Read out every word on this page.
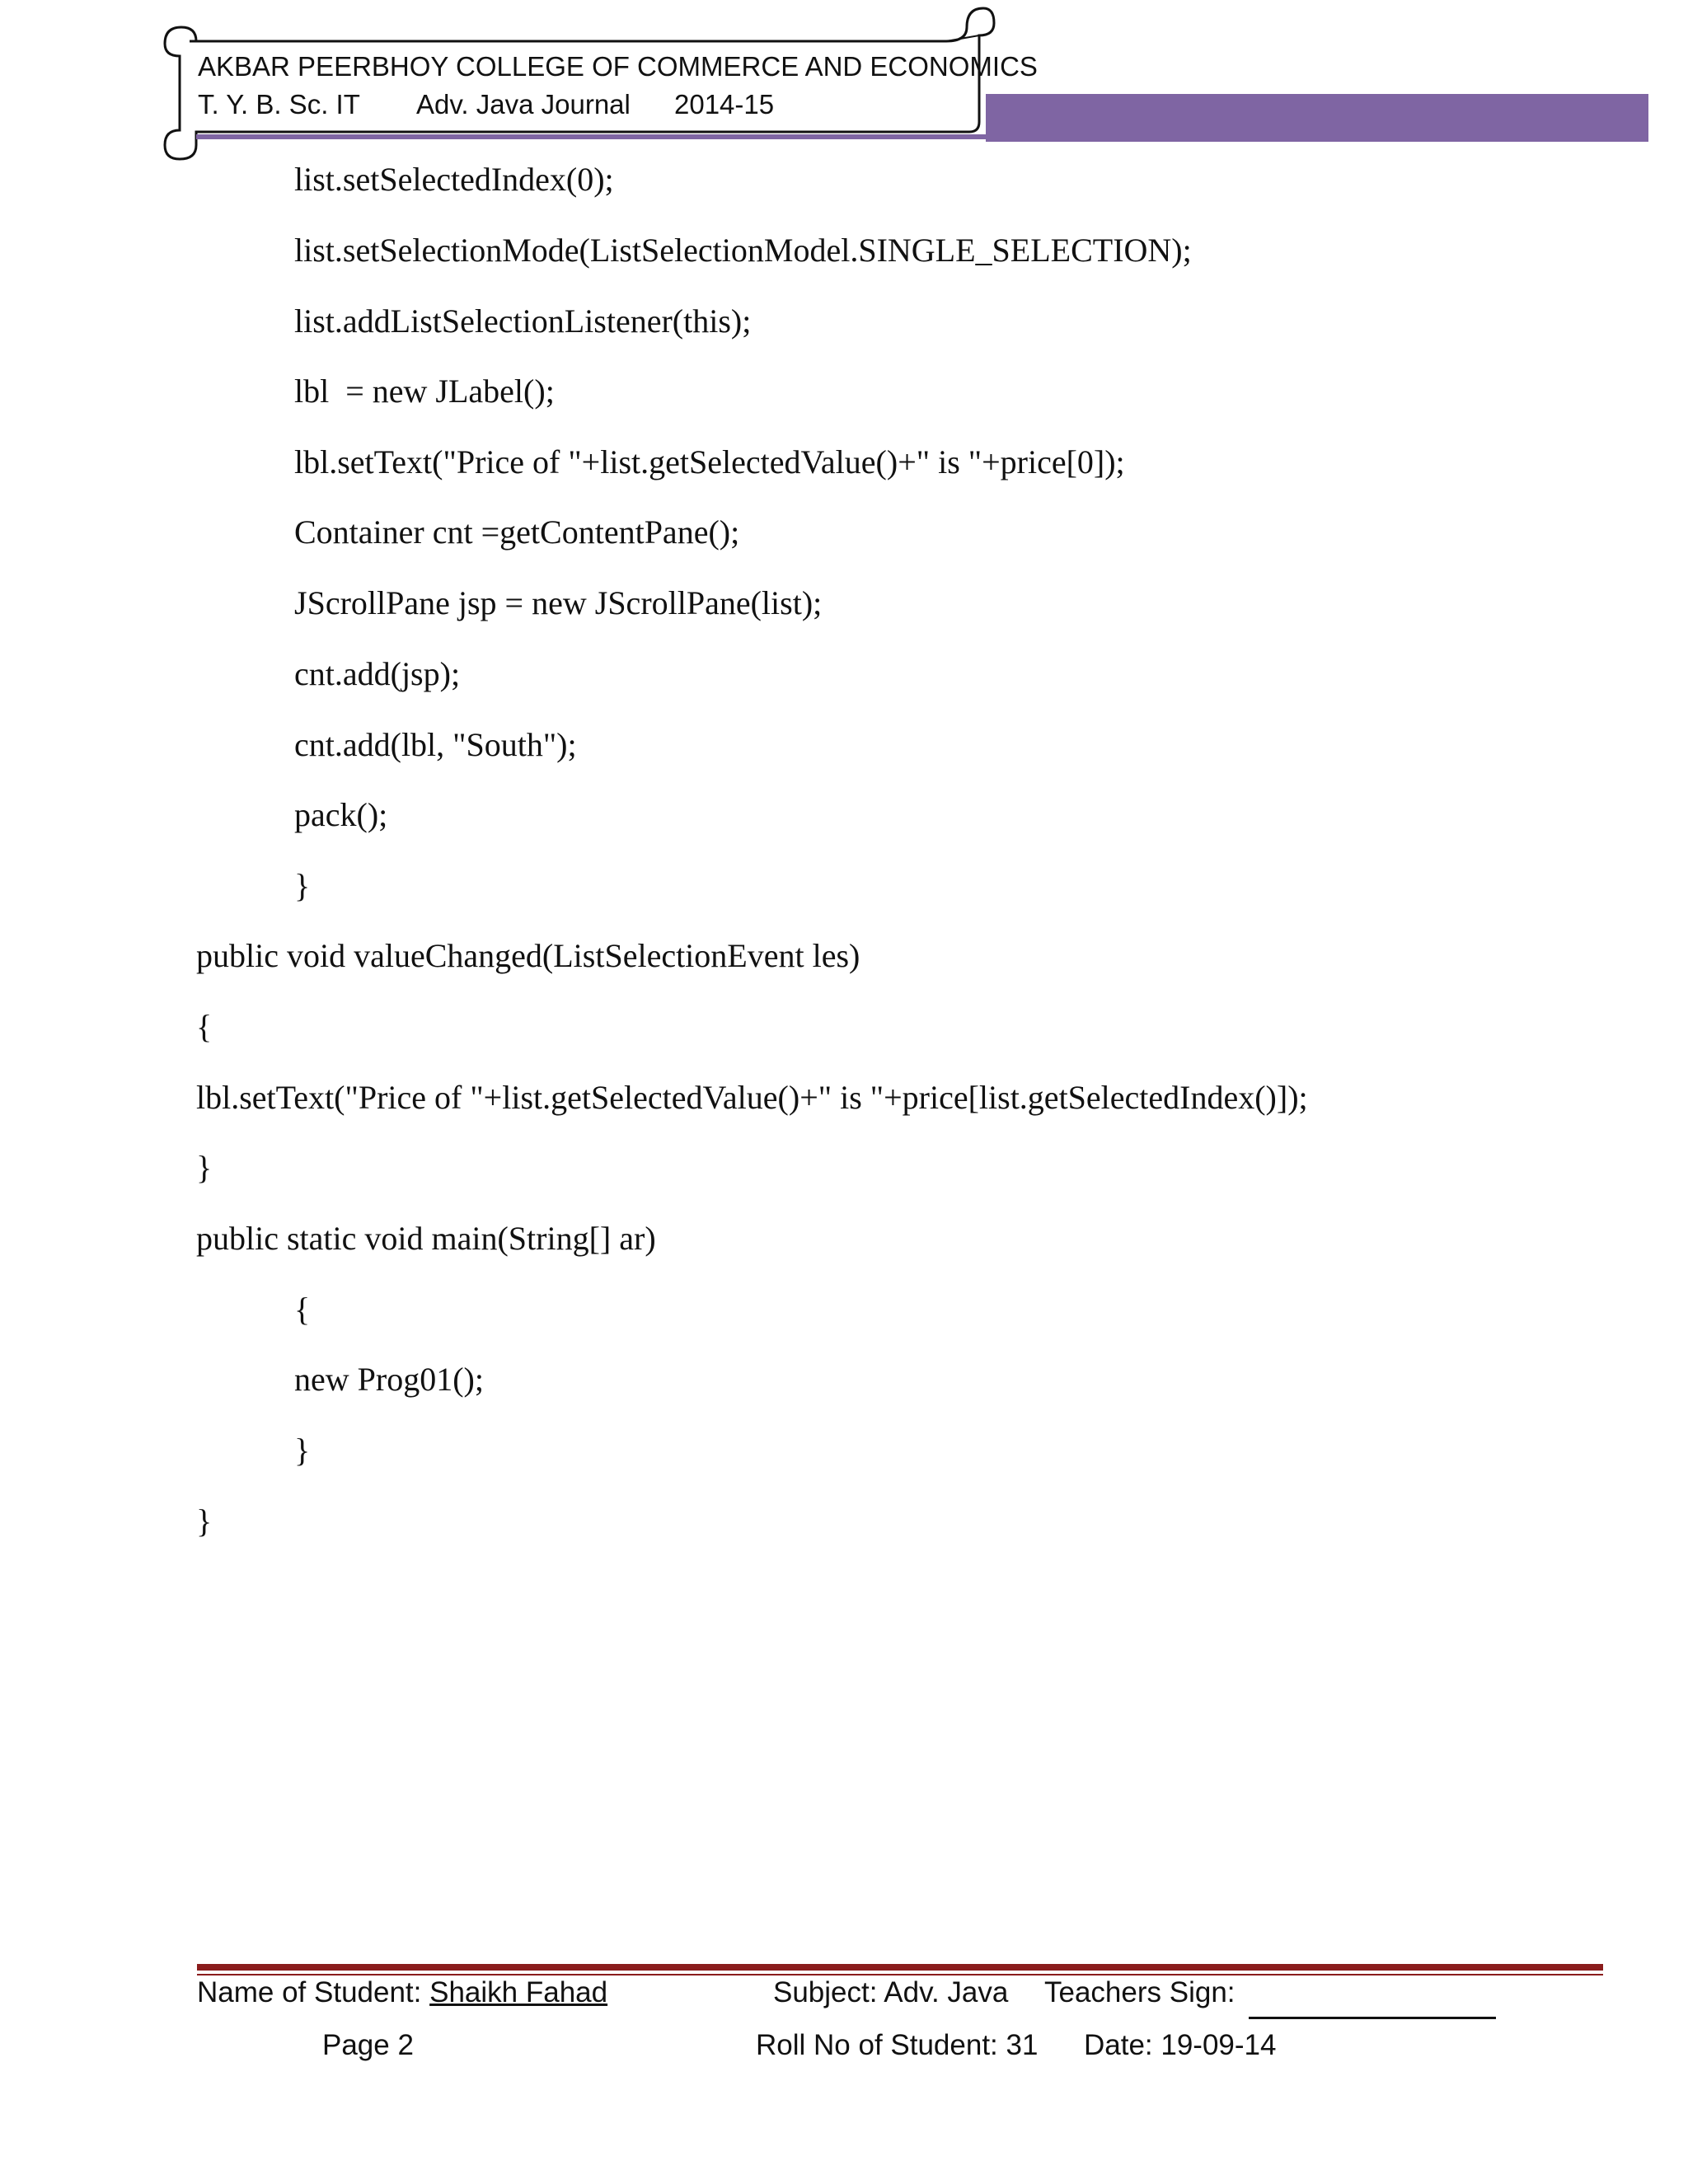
AKBAR PEERBHOY COLLEGE OF COMMERCE AND ECONOMICS
T. Y. B. Sc. IT Adv. Java Journal 2014-15
list.setSelectedIndex(0);
list.setSelectionMode(ListSelectionModel.SINGLE_SELECTION);
list.addListSelectionListener(this);
lbl  = new JLabel();
lbl.setText("Price of "+list.getSelectedValue()+" is "+price[0]);
Container cnt =getContentPane();
JScrollPane jsp = new JScrollPane(list);
cnt.add(jsp);
cnt.add(lbl, "South");
pack();
}
public void valueChanged(ListSelectionEvent les)
{
lbl.setText("Price of "+list.getSelectedValue()+" is "+price[list.getSelectedIndex()]);
}
public static void main(String[] ar)
{
new Prog01();
}
}
Name of Student: Shaikh Fahad	Subject: Adv. Java Teachers Sign:
Page 2	Roll No of Student: 31 Date: 19-09-14
